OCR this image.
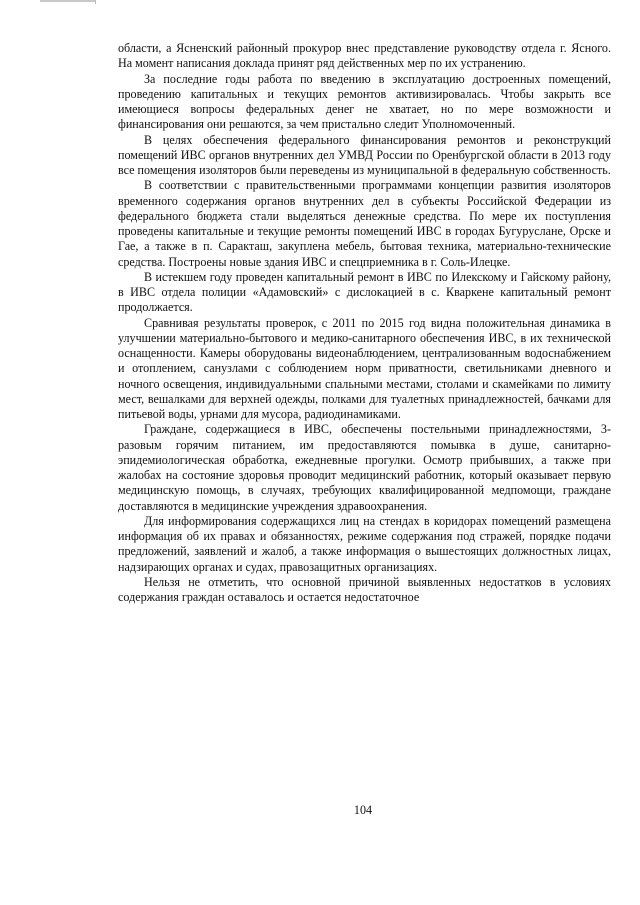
области, а Ясненский районный прокурор внес представление руководству отдела г. Ясного. На момент написания доклада принят ряд действенных мер по их устранению.

За последние годы работа по введению в эксплуатацию достроенных помещений, проведению капитальных и текущих ремонтов активизировалась. Чтобы закрыть все имеющиеся вопросы федеральных денег не хватает, но по мере возможности и финансирования они решаются, за чем пристально следит Уполномоченный.

В целях обеспечения федерального финансирования ремонтов и реконструкций помещений ИВС органов внутренних дел УМВД России по Оренбургской области в 2013 году все помещения изоляторов были переведены из муниципальной в федеральную собственность.

В соответствии с правительственными программами концепции развития изоляторов временного содержания органов внутренних дел в субъекты Российской Федерации из федерального бюджета стали выделяться денежные средства. По мере их поступления проведены капитальные и текущие ремонты помещений ИВС в городах Бугуруслане, Орске и Гае, а также в п. Саракташ, закуплена мебель, бытовая техника, материально-технические средства. Построены новые здания ИВС и спецприемника в г. Соль-Илецке.

В истекшем году проведен капитальный ремонт в ИВС по Илекскому и Гайскому району, в ИВС отдела полиции «Адамовский» с дислокацией в с. Кваркене капитальный ремонт продолжается.

Сравнивая результаты проверок, с 2011 по 2015 год видна положительная динамика в улучшении материально-бытового и медико-санитарного обеспечения ИВС, в их технической оснащенности. Камеры оборудованы видеонаблюдением, централизованным водоснабжением и отоплением, санузлами с соблюдением норм приватности, светильниками дневного и ночного освещения, индивидуальными спальными местами, столами и скамейками по лимиту мест, вешалками для верхней одежды, полками для туалетных принадлежностей, бачками для питьевой воды, урнами для мусора, радиодинамиками.

Граждане, содержащиеся в ИВС, обеспечены постельными принадлежностями, 3-разовым горячим питанием, им предоставляются помывка в душе, санитарно-эпидемиологическая обработка, ежедневные прогулки. Осмотр прибывших, а также при жалобах на состояние здоровья проводит медицинский работник, который оказывает первую медицинскую помощь, в случаях, требующих квалифицированной медпомощи, граждане доставляются в медицинские учреждения здравоохранения.

Для информирования содержащихся лиц на стендах в коридорах помещений размещена информация об их правах и обязанностях, режиме содержания под стражей, порядке подачи предложений, заявлений и жалоб, а также информация о вышестоящих должностных лицах, надзирающих органах и судах, правозащитных организациях.

Нельзя не отметить, что основной причиной выявленных недостатков в условиях содержания граждан оставалось и остается недостаточное

104
